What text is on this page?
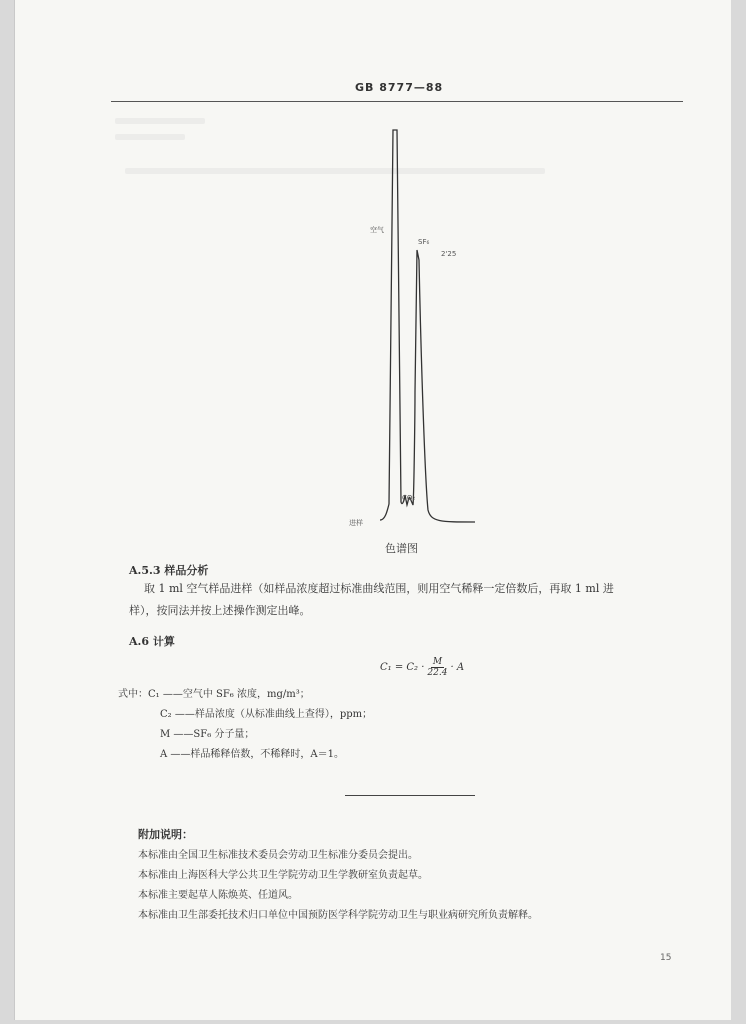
GB 8777—88
空气
SF₆
2'25
CO₂
进样
色谱图
A.5.3 样品分析
取 1 ml 空气样品进样（如样品浓度超过标准曲线范围，则用空气稀释一定倍数后，再取 1 ml 进
样），按同法并按上述操作测定出峰。
A.6 计算
$C_1 = C_2 \cdot \frac{M}{22.4} \cdot A$
式中：C₁ ——空气中 SF₆ 浓度，mg/m³；
C₂ ——样品浓度（从标准曲线上查得），ppm；
M ——SF₆ 分子量；
A ——样品稀释倍数，不稀释时，A＝1。
附加说明：
本标准由全国卫生标准技术委员会劳动卫生标准分委员会提出。
本标准由上海医科大学公共卫生学院劳动卫生学教研室负责起草。
本标准主要起草人陈焕英、任道风。
本标准由卫生部委托技术归口单位中国预防医学科学院劳动卫生与职业病研究所负责解释。
15
